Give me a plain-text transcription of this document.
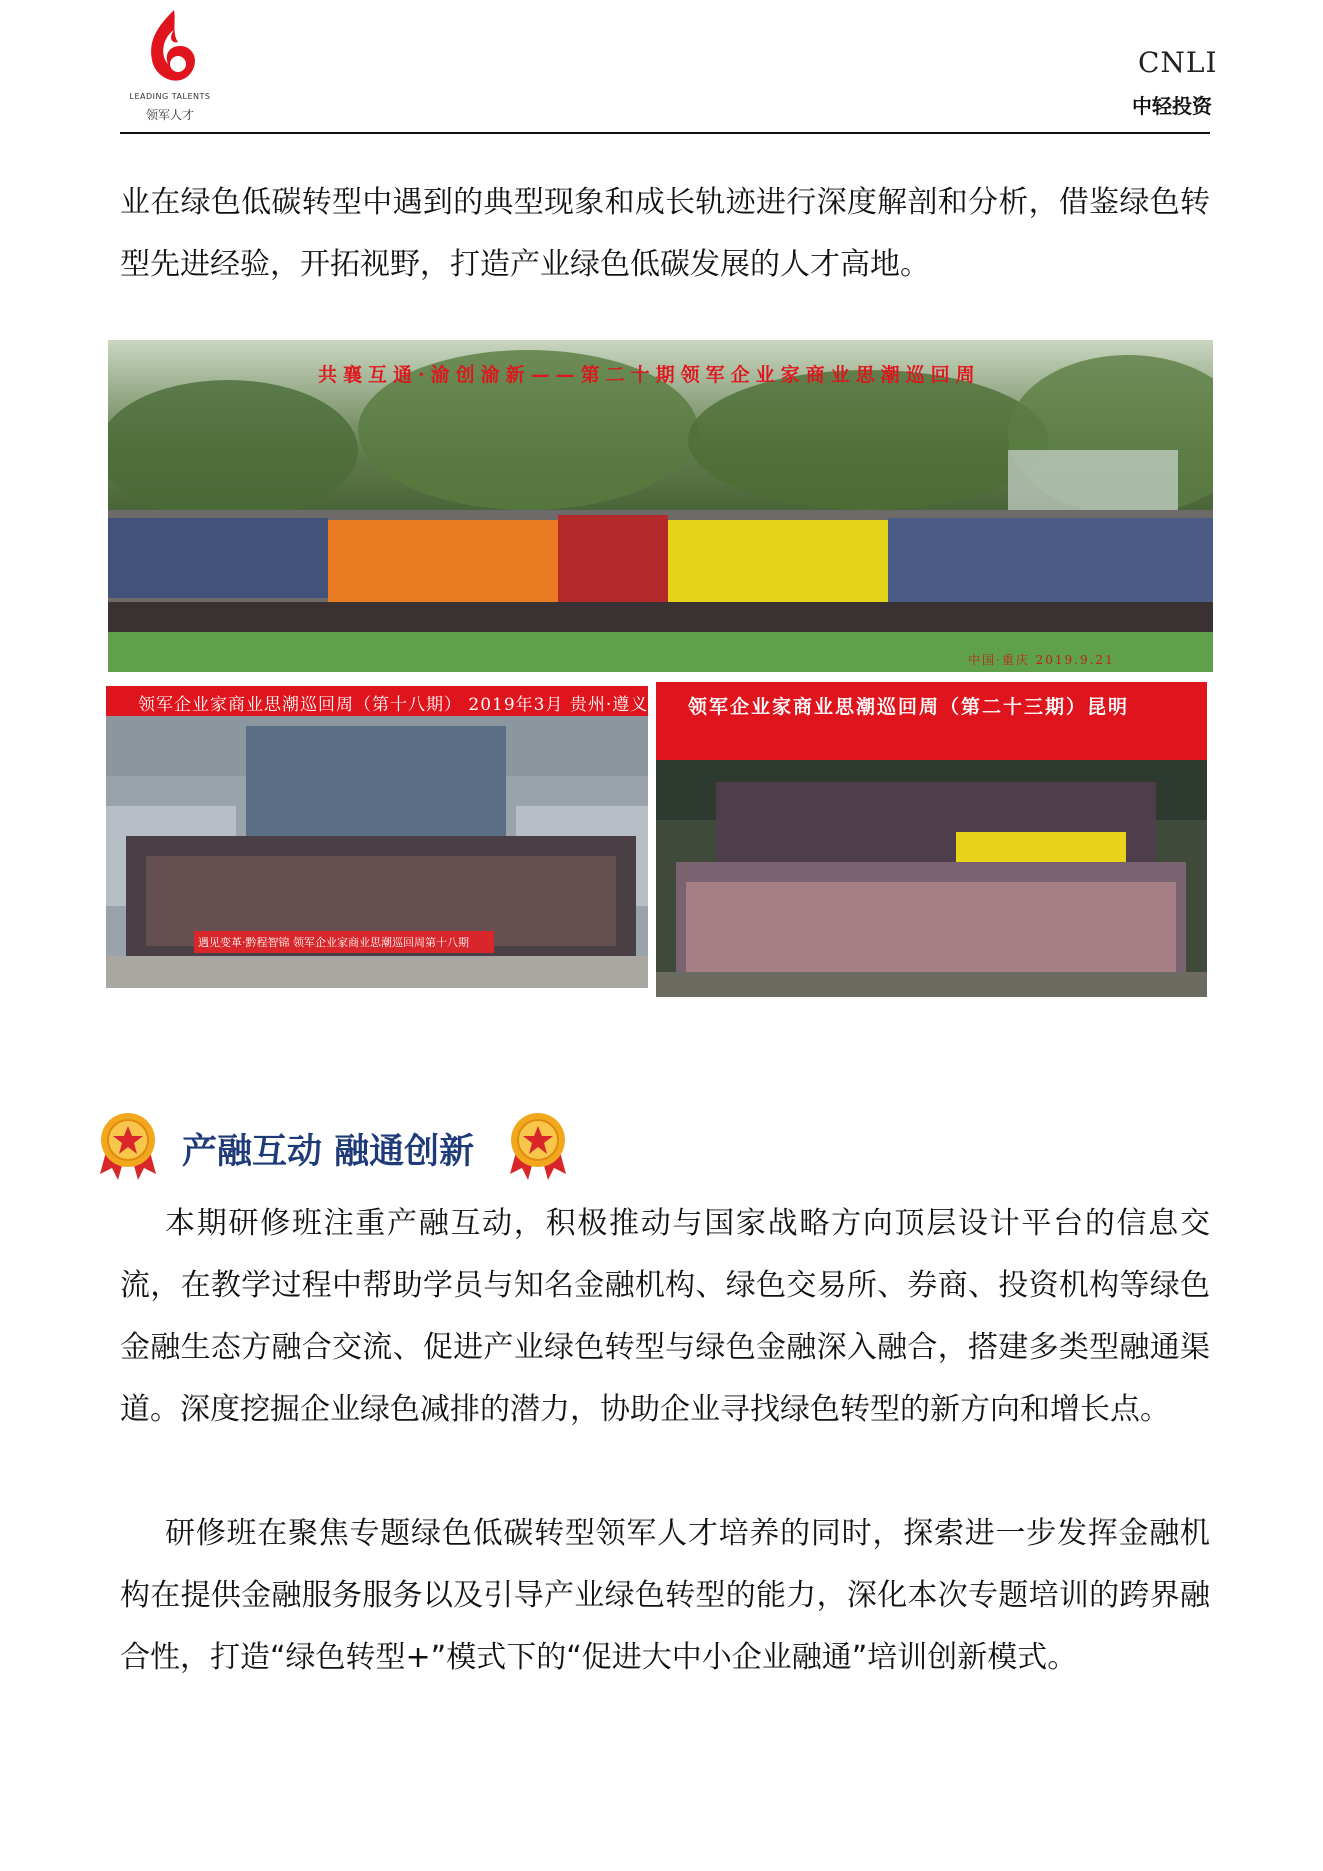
LEADING TALENTS
领军人才
CNLI
中轻投资

业在绿色低碳转型中遇到的典型现象和成长轨迹进行深度解剖和分析，借鉴绿色转型先进经验，开拓视野，打造产业绿色低碳发展的人才高地。

共襄互通·渝创渝新——第二十期领军企业家商业思潮巡回周
中国·重庆 2019.9.21
领军企业家商业思潮巡回周（第十八期） 2019年3月 贵州·遵义
遇见变革·黔程智锦 领军企业家商业思潮巡回周第十八期
领军企业家商业思潮巡回周（第二十三期）昆明
产融互动 融通创新

本期研修班注重产融互动，积极推动与国家战略方向顶层设计平台的信息交流，在教学过程中帮助学员与知名金融机构、绿色交易所、券商、投资机构等绿色金融生态方融合交流、促进产业绿色转型与绿色金融深入融合，搭建多类型融通渠道。深度挖掘企业绿色减排的潜力，协助企业寻找绿色转型的新方向和增长点。

研修班在聚焦专题绿色低碳转型领军人才培养的同时，探索进一步发挥金融机构在提供金融服务服务以及引导产业绿色转型的能力，深化本次专题培训的跨界融合性，打造“绿色转型+”模式下的“促进大中小企业融通”培训创新模式。
